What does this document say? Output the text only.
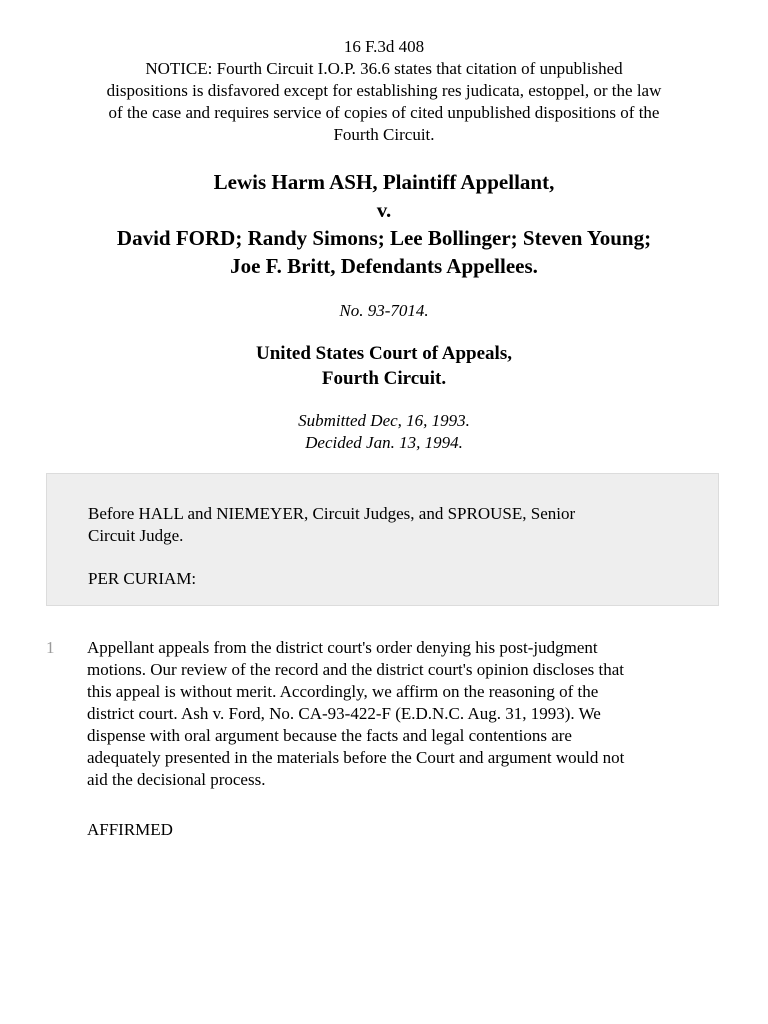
16 F.3d 408
NOTICE: Fourth Circuit I.O.P. 36.6 states that citation of unpublished
dispositions is disfavored except for establishing res judicata, estoppel, or the law
of the case and requires service of copies of cited unpublished dispositions of the
Fourth Circuit.
Lewis Harm ASH, Plaintiff Appellant,
v.
David FORD; Randy Simons; Lee Bollinger; Steven Young;
Joe F. Britt, Defendants Appellees.
No. 93-7014.
United States Court of Appeals,
Fourth Circuit.
Submitted Dec, 16, 1993.
Decided Jan. 13, 1994.
Before HALL and NIEMEYER, Circuit Judges, and SPROUSE, Senior
Circuit Judge.
PER CURIAM:
1 Appellant appeals from the district court's order denying his post-judgment
motions. Our review of the record and the district court's opinion discloses that
this appeal is without merit. Accordingly, we affirm on the reasoning of the
district court. Ash v. Ford, No. CA-93-422-F (E.D.N.C. Aug. 31, 1993). We
dispense with oral argument because the facts and legal contentions are
adequately presented in the materials before the Court and argument would not
aid the decisional process.
AFFIRMED
